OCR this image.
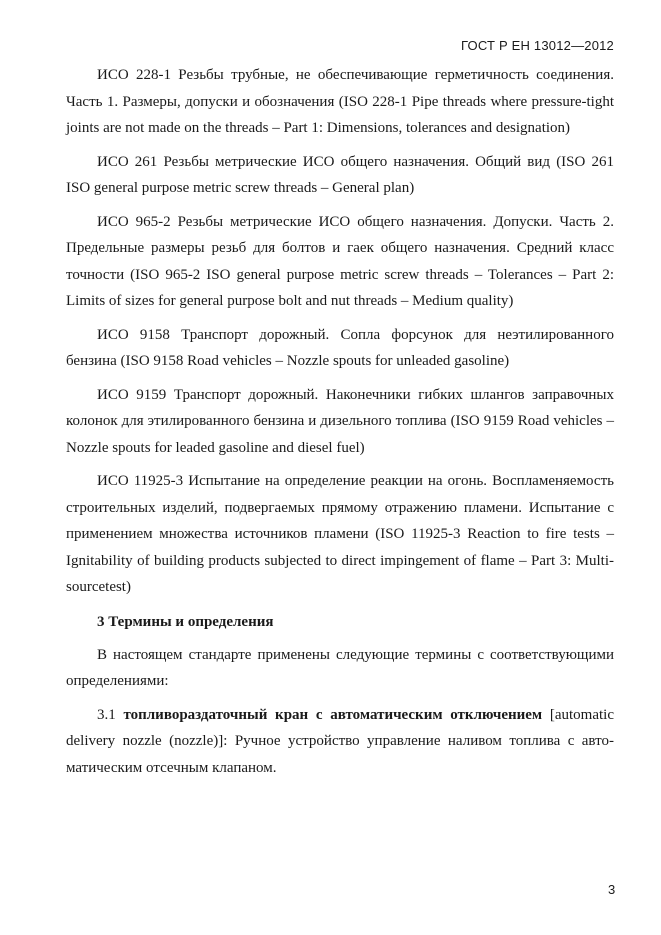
ГОСТ Р ЕН 13012—2012

ИСО 228-1 Резьбы трубные, не обеспечивающие герметичность соединения. Часть 1. Размеры, допуски и обозначения (ISO 228-1 Pipe threads where pressure-tight joints are not made on the threads – Part 1: Dimensions, tolerances and designation)

ИСО 261 Резьбы метрические ИСО общего назначения. Общий вид (ISO 261 ISO general purpose metric screw threads – General plan)

ИСО 965-2 Резьбы метрические ИСО общего назначения. Допуски. Часть 2. Предельные размеры резьб для болтов и гаек общего назначения. Средний класс точности (ISO 965-2 ISO general purpose metric screw threads – Tolerances – Part 2: Limits of sizes for general purpose bolt and nut threads – Medium quality)

ИСО 9158 Транспорт дорожный. Сопла форсунок для неэтилированного бензина (ISO 9158 Road vehicles – Nozzle spouts for unleaded gasoline)

ИСО 9159 Транспорт дорожный. Наконечники гибких шлангов заправочных колонок для этилированного бензина и дизельного топлива (ISO 9159 Road vehicles – Nozzle spouts for leaded gasoline and diesel fuel)

ИСО 11925-3 Испытание на определение реакции на огонь. Воспламеняемость строительных изделий, подвергаемых прямому отражению пламени. Испытание с применением множества источников пламени (ISO 11925-3 Reaction to fire tests – Ignitability of building products subjected to direct impingement of flame – Part 3: Multi-sourcetest)

3 Термины и определения

В настоящем стандарте применены следующие термины с соответствующими определениями:

3.1 топливораздаточный кран с автоматическим отключением [automatic delivery nozzle (nozzle)]: Ручное устройство управление наливом топлива с автоматическим отсечным клапаном.

3
